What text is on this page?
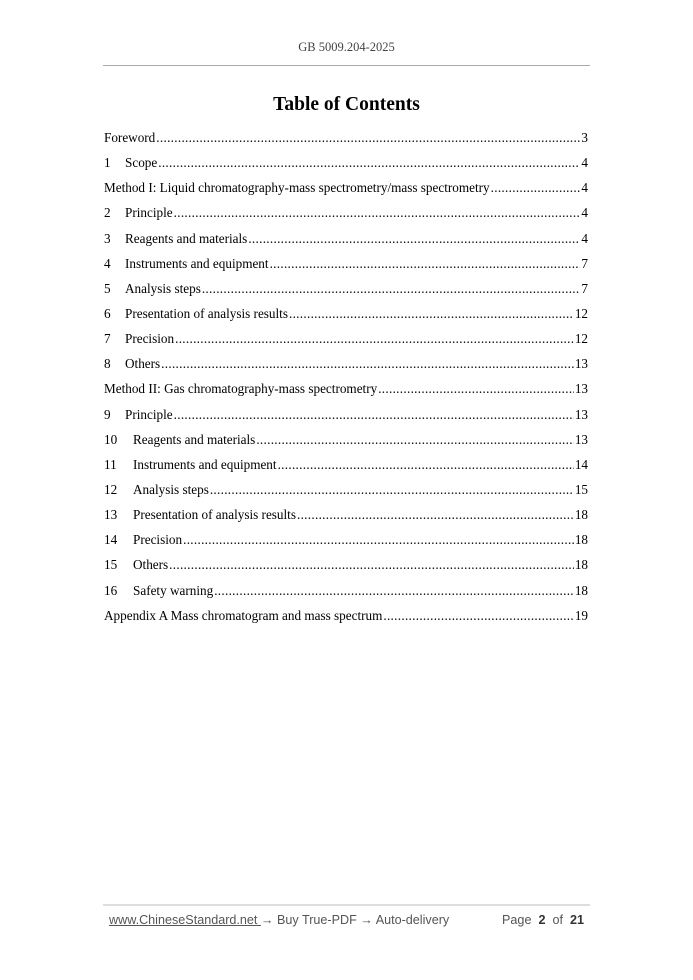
GB 5009.204-2025
Table of Contents
Foreword .....	3
1	Scope .....	4
Method I: Liquid chromatography-mass spectrometry/mass spectrometry .....	4
2	Principle .....	4
3	Reagents and materials .....	4
4	Instruments and equipment .....	7
5	Analysis steps .....	7
6	Presentation of analysis results .....	12
7	Precision .....	12
8	Others .....	13
Method II: Gas chromatography-mass spectrometry .....	13
9	Principle .....	13
10	Reagents and materials .....	13
11	Instruments and equipment .....	14
12	Analysis steps .....	15
13	Presentation of analysis results .....	18
14	Precision .....	18
15	Others .....	18
16	Safety warning .....	18
Appendix A Mass chromatogram and mass spectrum .....	19
www.ChineseStandard.net → Buy True-PDF → Auto-delivery	Page 2 of 21
